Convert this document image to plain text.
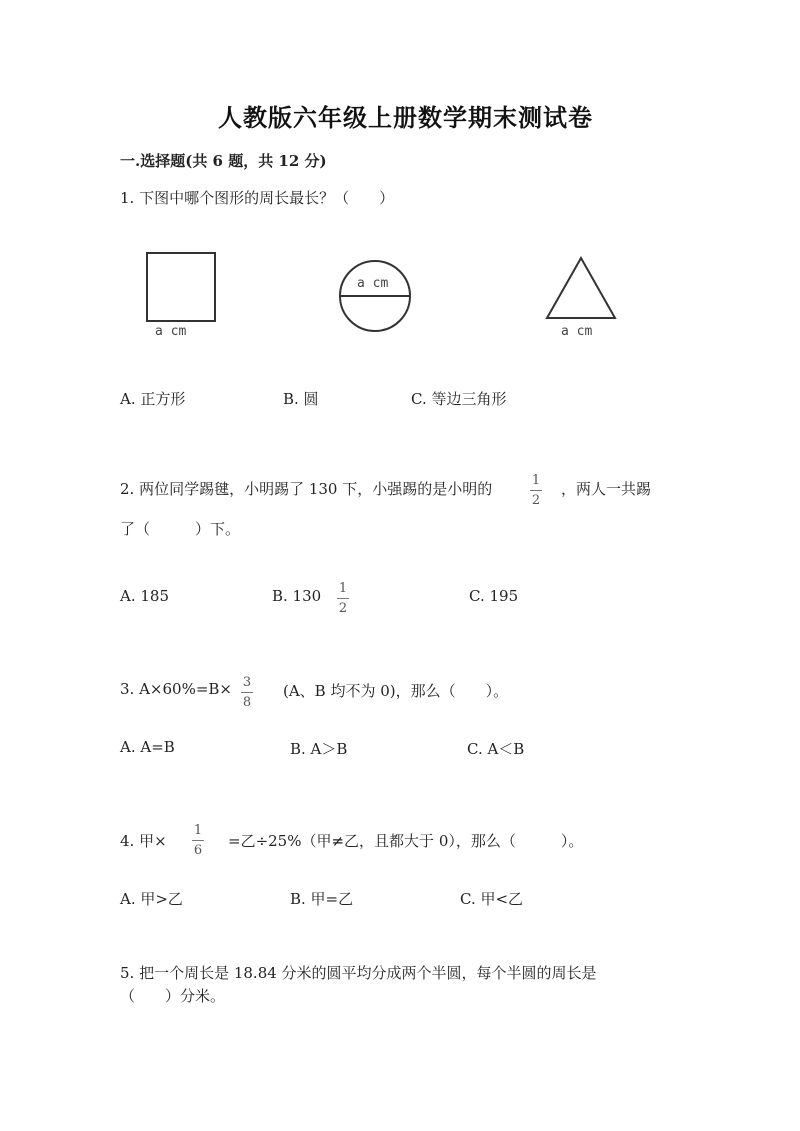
人教版六年级上册数学期末测试卷
一.选择题(共 6 题，共 12 分)
1. 下图中哪个图形的周长最长？（　　）
a cm
a cm
a cm
A. 正方形	B. 圆	C. 等边三角形
2. 两位同学踢毽，小明踢了 130 下，小强踢的是小明的	1
2
，两人一共踢
了（　　　）下。
A. 185	B. 130 1
2
C. 195
3. A×60%=B× 3
8
(A、B 均不为 0)，那么（　　）。
A. A=B	B. A＞B	C. A＜B
4. 甲×
1
6
=乙÷25%（甲≠乙，且都大于 0），那么（　　　）。
A. 甲>乙	B. 甲=乙	C. 甲<乙
5. 把一个周长是 18.84 分米的圆平均分成两个半圆，每个半圆的周长是
（　　）分米。
